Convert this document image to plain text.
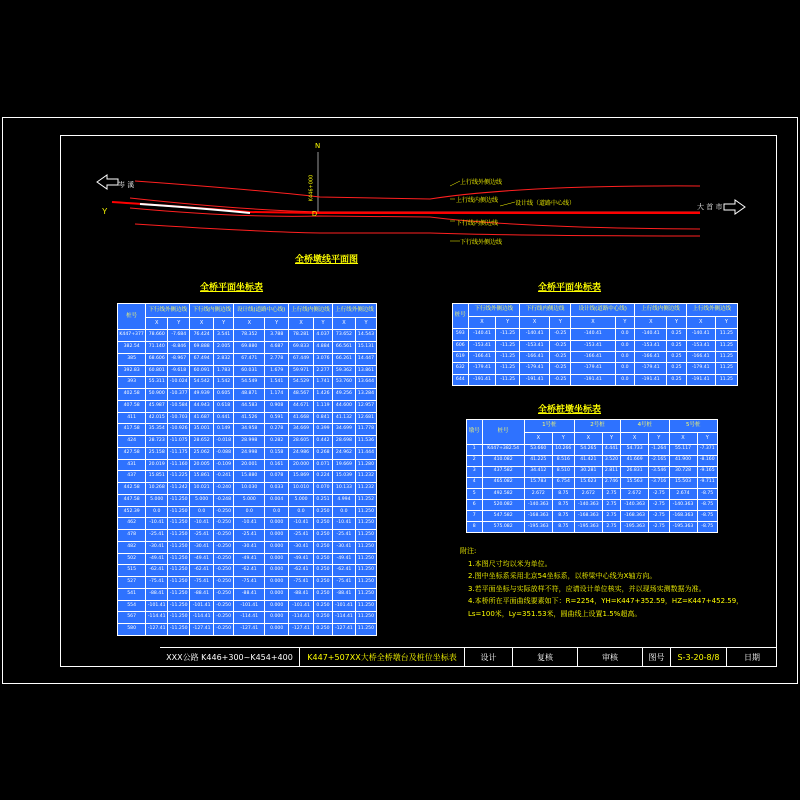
Y	D
岑 溪
大 首 市
N
K446+000	上行线外侧边线
上行线内侧边线	设计线（道路中心线）
下行线内侧边线
下行线外侧边线
全桥墩线平面图
全桥平面坐标表	全桥平面坐标表
全桥桩墩坐标表
桩号	下行线外侧边线		下行线内侧边线		设计线(道路中心线)		上行线内侧边线		上行线外侧边线	
	X	Y	X	Y	X	Y	X	Y	X	Y
K447+377	78.660	-7.684	76.424	3.541	78.352	3.788	78.281	4.037	73.652	14.543
382.54	71.140	-8.846	69.888	2.005	69.880	4.687	69.833	4.884	66.561	15.131
385	68.606	-8.967	67.494	2.832	67.471	2.778	67.449	3.076	66.261	14.447
392.83	60.801	-9.618	60.091	1.783	60.031	1.679	59.971	2.277	59.362	13.861
393	55.311	-10.024	54.542	1.542	54.549	1.541	54.529	1.741	53.760	13.644
402.58	50.900	-10.377	49.939	0.605	48.871	1.174	48.567	1.426	49.256	13.284
407.58	45.987	-10.584	44.943	0.618	44.583	0.908	44.671	1.119	44.600	12.957
411	42.015	-10.703	41.687	0.441	41.526	0.591	41.668	0.841	41.132	12.681
417.58	35.354	-10.926	35.001	0.149	34.958	0.278	34.669	0.399	34.699	11.778
424	28.723	-11.075	28.652	-0.018	28.998	0.282	28.605	0.442	28.698	11.536
427.58	25.158	-11.175	25.062	-0.088	24.998	0.158	24.986	0.268	24.962	11.444
431	20.019	-11.160	20.005	-0.109	20.001	0.161	20.000	0.071	19.669	11.280
437	15.851	-11.225	15.861	-0.241	15.880	0.078	15.869	0.224	15.039	11.232
442.58	10.268	-11.242	10.021	-0.240	10.030	0.033	10.010	0.070	10.133	11.232
447.58	5.000	-11.250	5.000	-0.248	5.000	0.004	5.000	0.251	4.994	11.252
452.39	0.0	-11.250	0.0	-0.250	0.0	0.0	0.0	0.250	0.0	11.250
462	-10.41	-11.250	-10.41	-0.250	-10.41	0.000	-10.41	0.250	-10.41	11.250
478	-25.41	-11.250	-25.41	-0.250	-25.41	0.000	-25.41	0.250	-25.41	11.250
482	-30.41	-11.250	-30.41	-0.250	-30.41	0.000	-30.41	0.250	-30.41	11.250
502	-49.41	-11.250	-49.41	-0.250	-49.41	0.000	-49.41	0.250	-49.41	11.250
515	-62.41	-11.250	-62.41	-0.250	-62.41	0.000	-62.41	0.250	-62.41	11.250
527	-75.41	-11.250	-75.41	-0.250	-75.41	0.000	-75.41	0.250	-75.41	11.250
541	-88.41	-11.250	-88.41	-0.250	-88.41	0.000	-88.41	0.250	-88.41	11.250
554	-101.41	-11.250	-101.41	-0.250	-101.41	0.000	-101.41	0.250	-101.41	11.250
567	-114.41	-11.250	-114.41	-0.250	-114.41	0.000	-114.41	0.250	-114.41	11.250
580	-127.41	-11.250	-127.41	-0.250	-127.41	0.000	-127.41	0.250	-127.41	11.250
桩号	下行线外侧边线		下行线内侧边线		设计线(道路中心线)		上行线内侧边线		上行线外侧边线	
	X	Y	X	Y	X	Y	X	Y	X	Y
593	-140.41	-11.25	-140.41	-0.25	-140.41	0.0	-140.41	0.25	-140.41	11.25
606	-153.41	-11.25	-153.41	-0.25	-153.41	0.0	-153.41	0.25	-153.41	11.25
619	-166.41	-11.25	-166.41	-0.25	-166.41	0.0	-166.41	0.25	-166.41	11.25
632	-179.41	-11.25	-179.41	-0.25	-179.41	0.0	-179.41	0.25	-179.41	11.25
644	-191.41	-11.25	-191.41	-0.25	-191.41	0.0	-191.41	0.25	-191.41	11.25
墩号	桩号	1号桩		2号桩		4号桩		5号桩	
		X	Y	X	Y	X	Y	X	Y
1	K447+382.54	53.660	10.266	54.265	4.441	54.733	-1.264	55.117	-7.371
2	410.082	41.225	8.516	41.421	3.520	41.669	-2.165	41.900	-8.160
3	437.582	34.412	8.510	30.281	2.811	26.831	-3.546	30.728	-9.165
4	465.082	15.783	6.754	15.623	2.746	15.563	-3.716	15.503	-9.711
5	492.582	2.672	8.75	2.672	2.75	2.672	-2.75	2.674	-8.75
6	520.082	-140.363	8.75	-140.363	2.75	-140.363	-2.75	-140.363	-8.75
7	547.582	-168.363	8.75	-168.363	2.75	-168.363	-2.75	-168.363	-8.75
8	575.082	-195.363	8.75	-195.363	2.75	-195.363	-2.75	-195.363	-8.75
附注:
1.本图尺寸均以米为单位。
2.图中坐标系采用北京54坐标系，以桥梁中心线为X轴方向。
3.若平面坐标与实际放样不符，应请设计单位核实，并以现场实测数据为准。
4.本桥所在平面曲线要素如下：R=2254，YH=K447+352.59，HZ=K447+452.59，
Ls=100米，Ly=351.53米，圆曲线上设置1.5%超高。
XXX公路 K446+300~K454+400	K447+507XX大桥全桥墩台及桩位坐标表	设计	复核	审核	图号	S-3-20-8/8	日期
